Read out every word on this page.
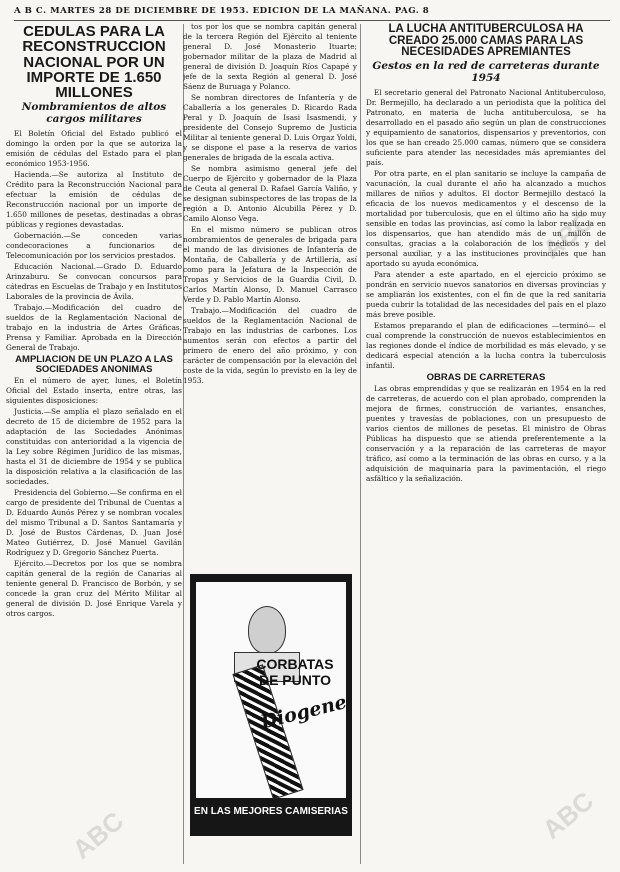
A B C. MARTES 28 DE DICIEMBRE DE 1953. EDICION DE LA MAÑANA. PAG. 8
CEDULAS PARA LA RECONSTRUCCION NACIONAL POR UN IMPORTE DE 1.650 MILLONES
Nombramientos de altos cargos militares

El Boletín Oficial del Estado publicó el domingo la orden por la que se autoriza la emisión de cédulas del Estado para el plan económico 1953-1956.

Hacienda.—Se autoriza al Instituto de Crédito para la Reconstrucción Nacional para efectuar la emisión de cédulas de Reconstrucción nacional por un importe de 1.650 millones de pesetas, destinadas a obras públicas y regiones devastadas.

Gobernación.—Se conceden varias condecoraciones a funcionarios de Telecomunicación por los servicios prestados.

Educación Nacional.—Grado D. Eduardo Arinzaburu. Se convocan concursos para cátedras en Escuelas de Trabajo y en Institutos Laborales de la provincia de Ávila.

Trabajo.—Modificación del cuadro de sueldos de la Reglamentación Nacional de trabajo en la industria de Artes Gráficas, Prensa y Familiar. Aprobada en la Dirección General de Trabajo.

AMPLIACION DE UN PLAZO A LAS SOCIEDADES ANONIMAS

En el número de ayer, lunes, el Boletín Oficial del Estado inserta, entre otras, las siguientes disposiciones:

Justicia.—Se amplía el plazo señalado en el decreto de 15 de diciembre de 1952 para la adaptación de las Sociedades Anónimas constituidas con anterioridad a la vigencia de la Ley sobre Régimen Jurídico de las mismas, hasta el 31 de diciembre de 1954 y se publica la disposición relativa a la clasificación de las sociedades.

Presidencia del Gobierno.—Se confirma en el cargo de presidente del Tribunal de Cuentas a D. Eduardo Aunós Pérez y se nombran vocales del mismo Tribunal a D. Santos Santamaría y D. José de Bustos Cárdenas, D. Juan José Mateo Gutiérrez, D. José Manuel Gavilán Rodríguez y D. Gregorio Sánchez Puerta.

Ejército.—Decretos por los que se nombra capitán general de la región de Canarias al teniente general D. Francisco de Borbón, y se concede la gran cruz del Mérito Militar al general de división D. José Enrique Varela y otros cargos.

tos por los que se nombra capitán general de la tercera Región del Ejército al teniente general D. José Monasterio Ituarte; gobernador militar de la plaza de Madrid al general de división D. Joaquín Ríos Capapé y jefe de la sexta Región al general D. José Sáenz de Buruaga y Polanco.

Se nombran directores de Infantería y de Caballería a los generales D. Ricardo Rada Peral y D. Joaquín de Isasi Isasmendi, y presidente del Consejo Supremo de Justicia Militar al teniente general D. Luis Orgaz Yoldi, y se dispone el pase a la reserva de varios generales de brigada de la escala activa.

Se nombra asimismo general jefe del Cuerpo de Ejército y gobernador de la Plaza de Ceuta al general D. Rafael García Valiño, y se designan subinspectores de las tropas de la región a D. Antonio Alcubilla Pérez y D. Camilo Alonso Vega.

En el mismo número se publican otros nombramientos de generales de brigada para el mando de las divisiones de Infantería de Montaña, de Caballería y de Artillería, así como para la Jefatura de la Inspección de Tropas y Servicios de la Guardia Civil, D. Carlos Martín Alonso, D. Manuel Carrasco Verde y D. Pablo Martín Alonso.

Trabajo.—Modificación del cuadro de sueldos de la Reglamentación Nacional de Trabajo en las industrias de carbones. Los aumentos serán con efectos a partir del primero de enero del año próximo, y con carácter de compensación por la elevación del coste de la vida, según lo previsto en la ley de 1953.

CORBATAS DE PUNTO
Diogene
EN LAS MEJORES CAMISERIAS
LA LUCHA ANTITUBERCULOSA HA CREADO 25.000 CAMAS PARA LAS NECESIDADES APREMIANTES
Gestos en la red de carreteras durante 1954

El secretario general del Patronato Nacional Antituberculoso, Dr. Bermejillo, ha declarado a un periodista que la política del Patronato, en materia de lucha antituberculosa, se ha desarrollado en el pasado año según un plan de construcciones y equipamiento de sanatorios, dispensarios y preventorios, con los que se han creado 25.000 camas, número que se considera suficiente para atender las necesidades más apremiantes del país.

Por otra parte, en el plan sanitario se incluye la campaña de vacunación, la cual durante el año ha alcanzado a muchos millares de niños y adultos. El doctor Bermejillo destacó la eficacia de los nuevos medicamentos y el descenso de la mortalidad por tuberculosis, que en el último año ha sido muy sensible en todas las provincias, así como la labor realizada en los dispensarios, que han atendido más de un millón de consultas, gracias a la colaboración de los médicos y del personal auxiliar, y a las instituciones provinciales que han aportado su ayuda económica.

Para atender a este apartado, en el ejercicio próximo se pondrán en servicio nuevos sanatorios en diversas provincias y se ampliarán los existentes, con el fin de que la red sanitaria pueda cubrir la totalidad de las necesidades del país en el plazo más breve posible.

Estamos preparando el plan de edificaciones —terminó— el cual comprende la construcción de nuevos establecimientos en las regiones donde el índice de morbilidad es más elevado, y se dedicará especial atención a la lucha contra la tuberculosis infantil.

OBRAS DE CARRETERAS

Las obras emprendidas y que se realizarán en 1954 en la red de carreteras, de acuerdo con el plan aprobado, comprenden la mejora de firmes, construcción de variantes, ensanches, puentes y travesías de poblaciones, con un presupuesto de varios cientos de millones de pesetas. El ministro de Obras Públicas ha dispuesto que se atienda preferentemente a la conservación y a la reparación de las carreteras de mayor tráfico, así como a la terminación de las obras en curso, y a la adquisición de maquinaria para la pavimentación, el riego asfáltico y la señalización.

ABC
ABC
ABC
